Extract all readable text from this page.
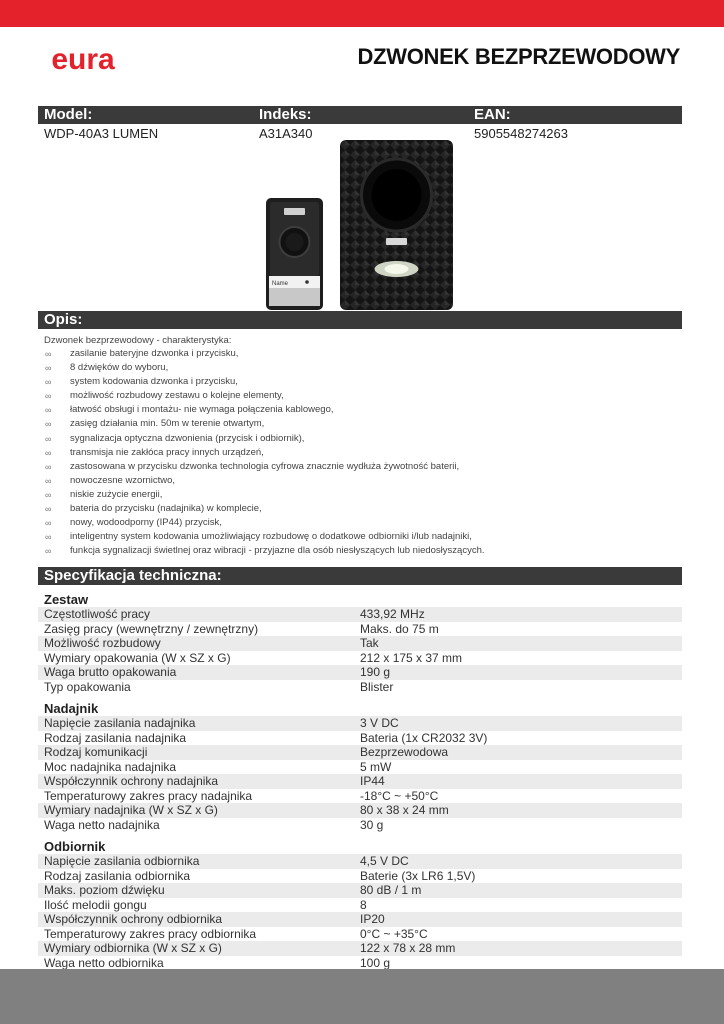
eura	DZWONEK BEZPRZEWODOWY
Model:	Indeks:	EAN:
WDP-40A3 LUMEN	A31A340	5905548274263
Name
Opis:
Dzwonek bezprzewodowy - charakterystyka:
∞ zasilanie bateryjne dzwonka i przycisku,
∞ 8 dźwięków do wyboru,
∞ system kodowania dzwonka i przycisku,
∞ możliwość rozbudowy zestawu o kolejne elementy,
∞ łatwość obsługi i montażu- nie wymaga połączenia kablowego,
∞ zasięg działania min. 50m w terenie otwartym,
∞ sygnalizacja optyczna dzwonienia (przycisk i odbiornik),
∞ transmisja nie zakłóca pracy innych urządzeń,
∞ zastosowana w przycisku dzwonka technologia cyfrowa znacznie wydłuża żywotność baterii,
∞ nowoczesne wzornictwo,
∞ niskie zużycie energii,
∞ bateria do przycisku (nadajnika) w komplecie,
∞ nowy, wodoodporny (IP44) przycisk,
∞ inteligentny system kodowania umożliwiający rozbudowę o dodatkowe odbiorniki i/lub nadajniki,
∞ funkcja sygnalizacji świetlnej oraz wibracji - przyjazne dla osób niesłyszących lub niedosłyszących.
Specyfikacja techniczna:
Zestaw
Częstotliwość pracy	433,92 MHz
Zasięg pracy (wewnętrzny / zewnętrzny)	Maks. do 75 m
Możliwość rozbudowy	Tak
Wymiary opakowania (W x SZ x G)	212 x 175 x 37 mm
Waga brutto opakowania	190 g
Typ opakowania	Blister
Nadajnik
Napięcie zasilania nadajnika	3 V DC
Rodzaj zasilania nadajnika	Bateria (1x CR2032 3V)
Rodzaj komunikacji	Bezprzewodowa
Moc nadajnika nadajnika	5 mW
Współczynnik ochrony nadajnika	IP44
Temperaturowy zakres pracy nadajnika	-18°C ~ +50°C
Wymiary nadajnika (W x SZ x G)	80 x 38 x 24 mm
Waga netto nadajnika	30 g
Odbiornik
Napięcie zasilania odbiornika	4,5 V DC
Rodzaj zasilania odbiornika	Baterie (3x LR6 1,5V)
Maks. poziom dźwięku	80 dB / 1 m
Ilość melodii gongu	8
Współczynnik ochrony odbiornika	IP20
Temperaturowy zakres pracy odbiornika	0°C ~ +35°C
Wymiary odbiornika (W x SZ x G)	122 x 78 x 28 mm
Waga netto odbiornika	100 g
